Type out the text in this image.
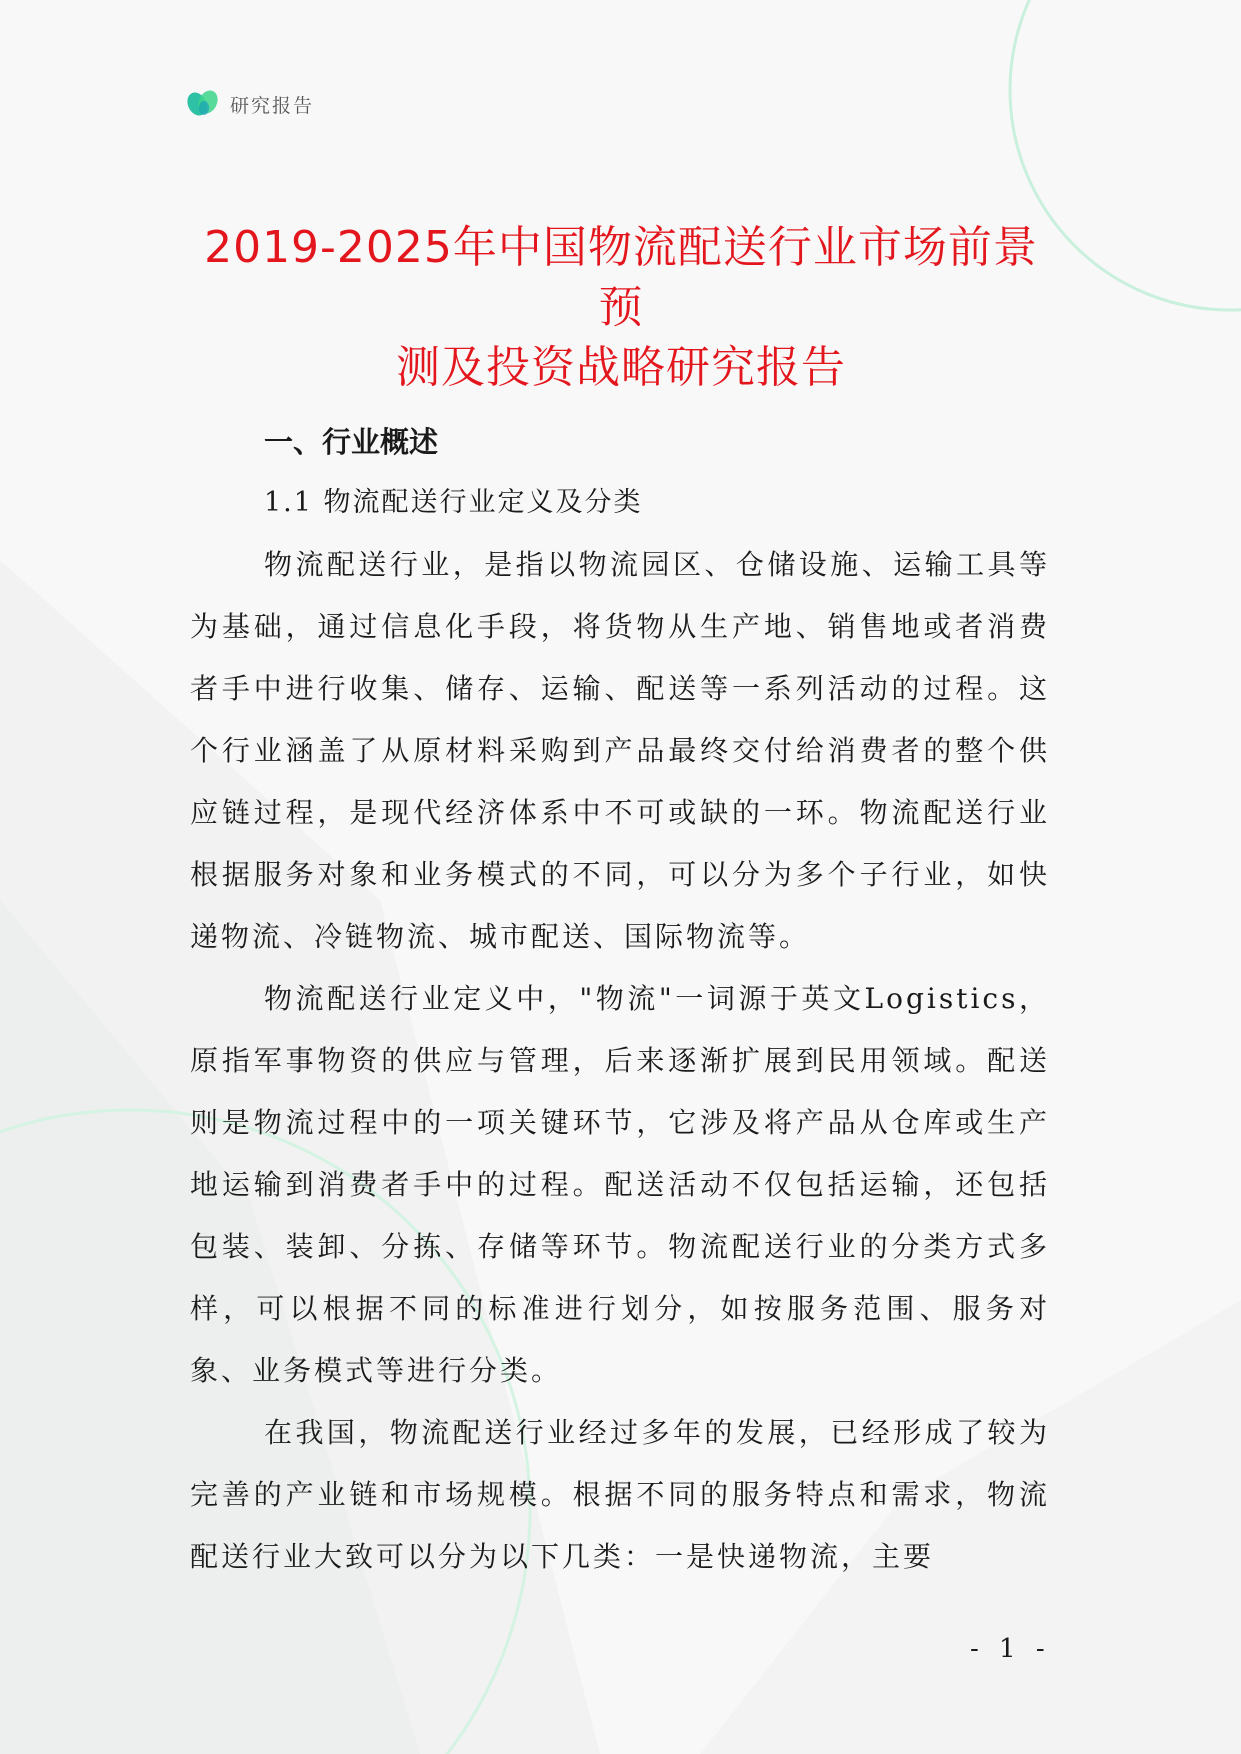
研究报告
2019-2025年中国物流配送行业市场前景预
测及投资战略研究报告
一、行业概述
1.1 物流配送行业定义及分类

物流配送行业，是指以物流园区、仓储设施、运输工具等为基础，通过信息化手段，将货物从生产地、销售地或者消费者手中进行收集、储存、运输、配送等一系列活动的过程。这个行业涵盖了从原材料采购到产品最终交付给消费者的整个供应链过程，是现代经济体系中不可或缺的一环。物流配送行业根据服务对象和业务模式的不同，可以分为多个子行业，如快递物流、冷链物流、城市配送、国际物流等。

物流配送行业定义中，"物流"一词源于英文Logistics，原指军事物资的供应与管理，后来逐渐扩展到民用领域。配送则是物流过程中的一项关键环节，它涉及将产品从仓库或生产地运输到消费者手中的过程。配送活动不仅包括运输，还包括包装、装卸、分拣、存储等环节。物流配送行业的分类方式多样，可以根据不同的标准进行划分，如按服务范围、服务对象、业务模式等进行分类。

在我国，物流配送行业经过多年的发展，已经形成了较为完善的产业链和市场规模。根据不同的服务特点和需求，物流配送行业大致可以分为以下几类：一是快递物流，主要

- 1 -
